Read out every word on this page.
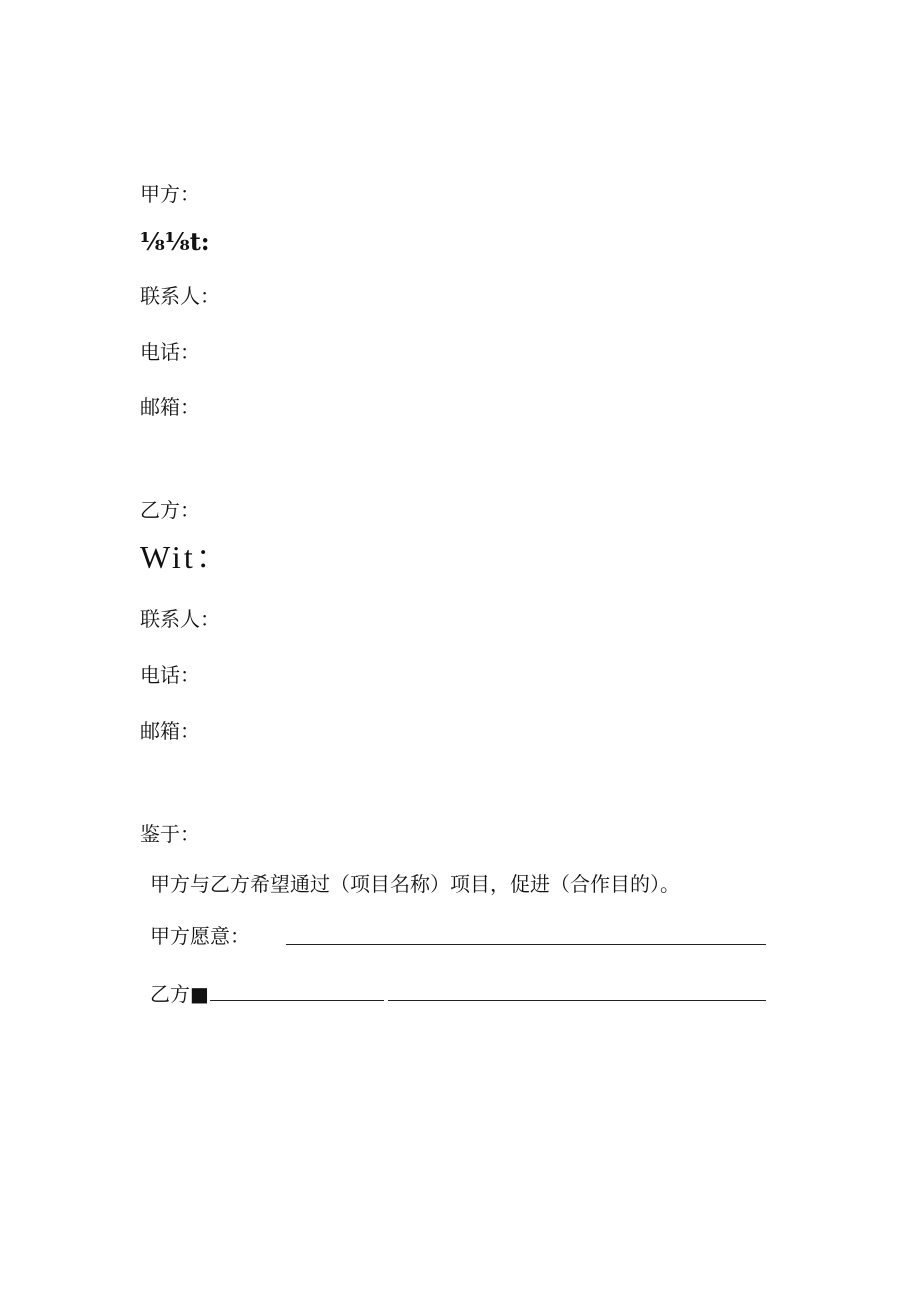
甲方：
⅛⅛t:
联系人：
电话：
邮箱：
乙方：
Wit：
联系人：
电话：
邮箱：
鉴于：
甲方与乙方希望通过（项目名称）项目，促进（合作目的）。
甲方愿意：
乙方■
